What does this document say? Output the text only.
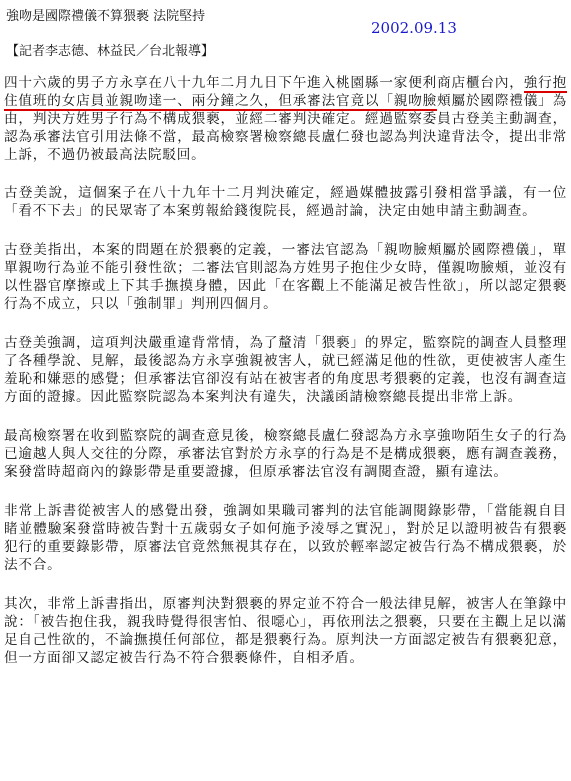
強吻是國際禮儀不算猥褻 法院堅持
2002.09.13
【記者李志德、林益民／台北報導】

四十六歲的男子方永享在八十九年二月九日下午進入桃園縣一家便利商店櫃台內，強行抱住值班的女店員並親吻達一、兩分鐘之久，但承審法官竟以「親吻臉頰屬於國際禮儀」為由，判決方姓男子行為不構成猥褻，並經二審判決確定。經過監察委員古登美主動調查，認為承審法官引用法條不當，最高檢察署檢察總長盧仁發也認為判決違背法令，提出非常上訴，不過仍被最高法院駁回。

古登美說，這個案子在八十九年十二月判決確定，經過媒體披露引發相當爭議，有一位「看不下去」的民眾寄了本案剪報給錢復院長，經過討論，決定由她申請主動調查。

古登美指出，本案的問題在於猥褻的定義，一審法官認為「親吻臉頰屬於國際禮儀」，單單親吻行為並不能引發性欲；二審法官則認為方姓男子抱住少女時，僅親吻臉頰，並沒有以性器官摩擦或上下其手撫摸身體，因此「在客觀上不能滿足被告性欲」，所以認定猥褻行為不成立，只以「強制罪」判刑四個月。

古登美強調，這項判決嚴重違背常情，為了釐清「猥褻」的界定，監察院的調查人員整理了各種學說、見解，最後認為方永享強親被害人，就已經滿足他的性欲，更使被害人產生羞恥和嫌惡的感覺；但承審法官卻沒有站在被害者的角度思考猥褻的定義，也沒有調查這方面的證據。因此監察院認為本案判決有違失，決議函請檢察總長提出非常上訴。

最高檢察署在收到監察院的調查意見後，檢察總長盧仁發認為方永享強吻陌生女子的行為已逾越人與人交往的分際，承審法官對於方永享的行為是不是構成猥褻，應有調查義務，案發當時超商內的錄影帶是重要證據，但原承審法官沒有調閱查證，顯有違法。

非常上訴書從被害人的感覺出發，強調如果職司審判的法官能調閱錄影帶，「當能親自目睹並體驗案發當時被告對十五歲弱女子如何施予淩辱之實況」，對於足以證明被告有猥褻犯行的重要錄影帶，原審法官竟然無視其存在，以致於輕率認定被告行為不構成猥褻，於法不合。

其次，非常上訴書指出，原審判決對猥褻的界定並不符合一般法律見解，被害人在筆錄中說：「被告抱住我，親我時覺得很害怕、很噁心」，再依刑法之猥褻，只要在主觀上足以滿足自己性欲的，不論撫摸任何部位，都是猥褻行為。原判決一方面認定被告有猥褻犯意，但一方面卻又認定被告行為不符合猥褻條件，自相矛盾。
